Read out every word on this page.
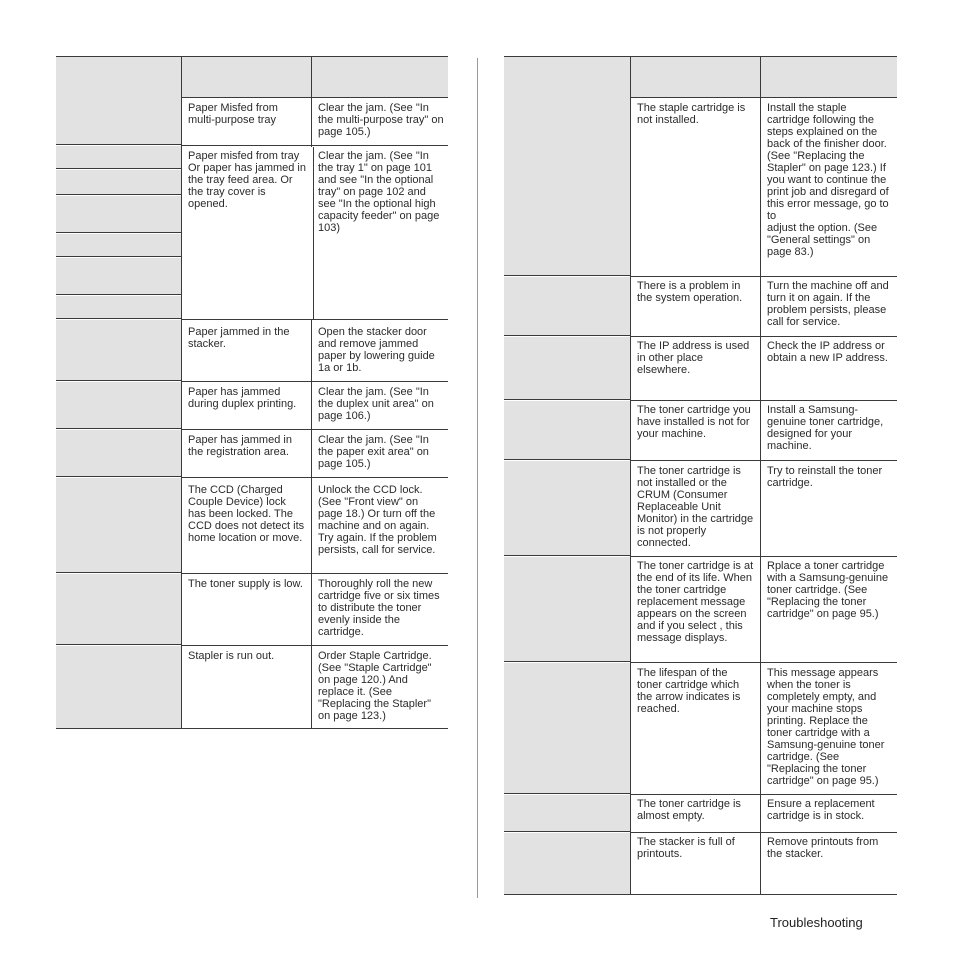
Paper Misfed from multi-purpose tray
Clear the jam. (See "In the multi-purpose tray" on page 105.)
Paper misfed from tray
Or paper has jammed in the tray feed area. Or the tray cover is opened.
Clear the jam. (See "In the tray 1" on page 101 and see "In the optional tray" on page 102 and see "In the optional high capacity feeder" on page 103)
Paper jammed in the stacker.
Open the stacker door and remove jammed paper by lowering guide 1a or 1b.
Paper has jammed during duplex printing.
Clear the jam. (See "In the duplex unit area" on page 106.)
Paper has jammed in the registration area.
Clear the jam. (See "In the paper exit area" on page 105.)
The CCD (Charged Couple Device) lock has been locked. The CCD does not detect its home location or move.
Unlock the CCD lock. (See "Front view" on page 18.) Or turn off the machine and on again. Try again. If the problem persists, call for service.
The toner supply is low. Thoroughly roll the new cartridge five or six times to distribute the toner evenly inside the cartridge.
Stapler is run out.	Order Staple Cartridge. (See "Staple Cartridge" on page 120.) And replace it. (See "Replacing the Stapler" on page 123.)
The staple cartridge is not installed.
Install the staple cartridge following the steps explained on the back of the finisher door. (See "Replacing the Stapler" on page 123.) If you want to continue the print job and disregard of this error message, go to
to
adjust the option. (See "General settings" on page 83.)
There is a problem in the system operation.
Turn the machine off and turn it on again. If the problem persists, please call for service.
The IP address is used in other place elsewhere.
Check the IP address or obtain a new IP address.
The toner cartridge you have installed is not for your machine.
Install a Samsung-genuine toner cartridge, designed for your machine.
The toner cartridge is not installed or the CRUM (Consumer Replaceable Unit Monitor) in the cartridge is not properly connected.
Try to reinstall the toner cartridge.
The toner cartridge is at the end of its life. When the toner cartridge replacement message appears on the screen and if you select , this message displays.
Rplace a toner cartridge with a Samsung-genuine toner cartridge. (See "Replacing the toner cartridge" on page 95.)
The lifespan of the toner cartridge which the arrow indicates is reached.
This message appears when the toner is completely empty, and your machine stops printing. Replace the toner cartridge with a Samsung-genuine toner cartridge. (See "Replacing the toner cartridge" on page 95.)
The toner cartridge is almost empty.
Ensure a replacement cartridge is in stock.
The stacker is full of printouts.
Remove printouts from the stacker.
Troubleshooting
